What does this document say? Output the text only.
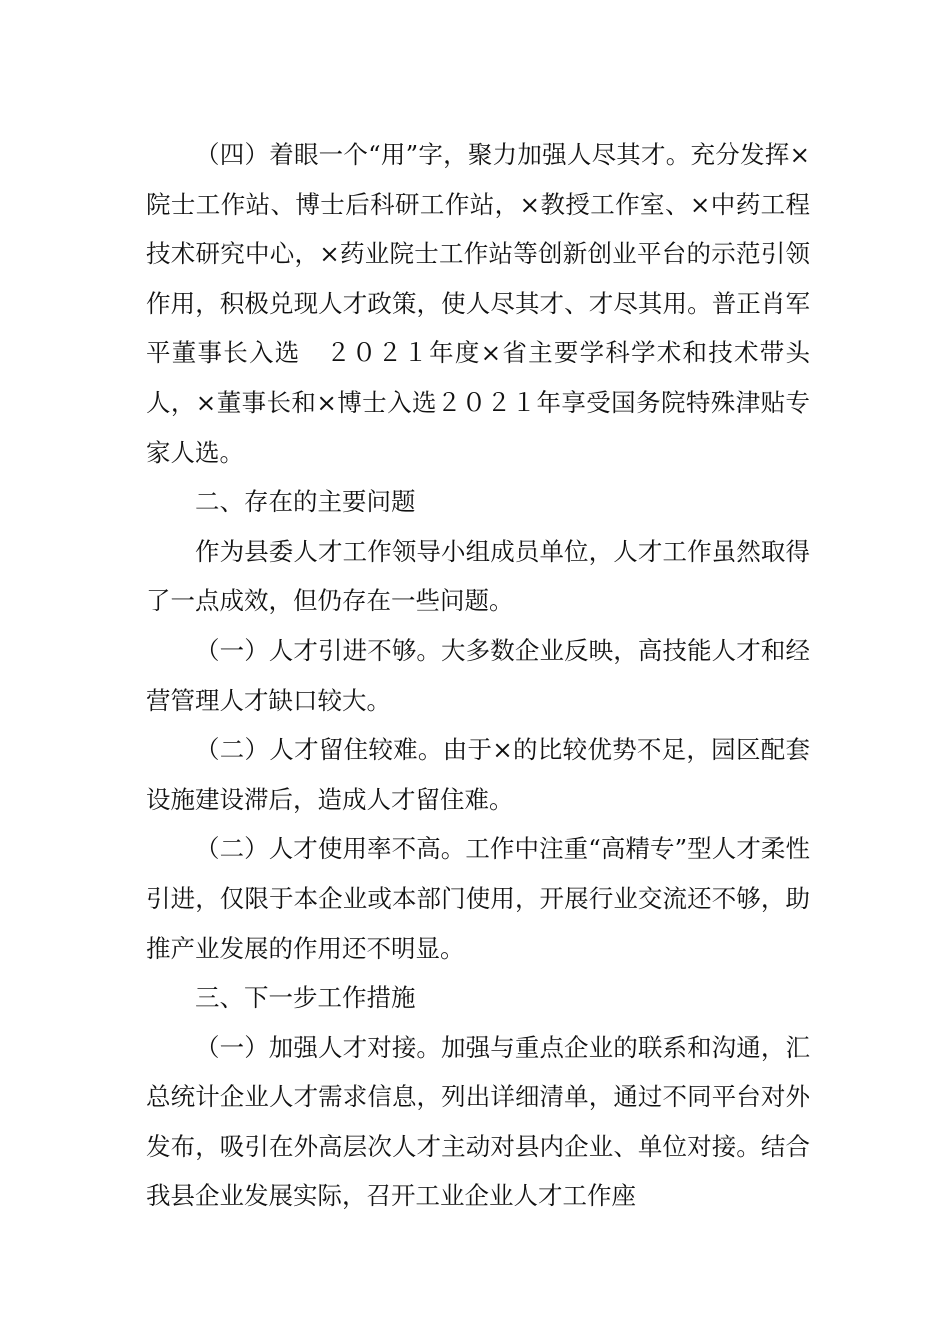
（四）着眼一个“用”字，聚力加强人尽其才。充分发挥×院士工作站、博士后科研工作站，×教授工作室、×中药工程技术研究中心，×药业院士工作站等创新创业平台的示范引领作用，积极兑现人才政策，使人尽其才、才尽其用。普正肖军平董事长入选　２０２１年度×省主要学科学术和技术带头人，×董事长和×博士入选２０２１年享受国务院特殊津贴专家人选。

二、存在的主要问题

作为县委人才工作领导小组成员单位，人才工作虽然取得了一点成效，但仍存在一些问题。

（一）人才引进不够。大多数企业反映，高技能人才和经营管理人才缺口较大。

（二）人才留住较难。由于×的比较优势不足，园区配套设施建设滞后，造成人才留住难。

（二）人才使用率不高。工作中注重“高精专”型人才柔性引进，仅限于本企业或本部门使用，开展行业交流还不够，助推产业发展的作用还不明显。

三、下一步工作措施

（一）加强人才对接。加强与重点企业的联系和沟通，汇总统计企业人才需求信息，列出详细清单，通过不同平台对外发布，吸引在外高层次人才主动对县内企业、单位对接。结合我县企业发展实际，召开工业企业人才工作座
